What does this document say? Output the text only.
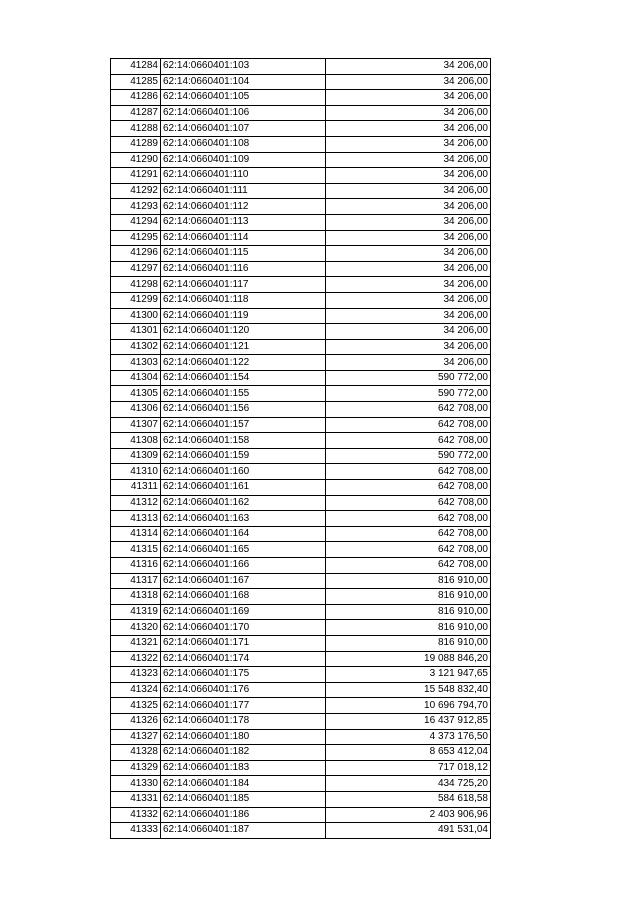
41284	62:14:0660401:103	34 206,00
41285	62:14:0660401:104	34 206,00
41286	62:14:0660401:105	34 206,00
41287	62:14:0660401:106	34 206,00
41288	62:14:0660401:107	34 206,00
41289	62:14:0660401:108	34 206,00
41290	62:14:0660401:109	34 206,00
41291	62:14:0660401:110	34 206,00
41292	62:14:0660401:111	34 206,00
41293	62:14:0660401:112	34 206,00
41294	62:14:0660401:113	34 206,00
41295	62:14:0660401:114	34 206,00
41296	62:14:0660401:115	34 206,00
41297	62:14:0660401:116	34 206,00
41298	62:14:0660401:117	34 206,00
41299	62:14:0660401:118	34 206,00
41300	62:14:0660401:119	34 206,00
41301	62:14:0660401:120	34 206,00
41302	62:14:0660401:121	34 206,00
41303	62:14:0660401:122	34 206,00
41304	62:14:0660401:154	590 772,00
41305	62:14:0660401:155	590 772,00
41306	62:14:0660401:156	642 708,00
41307	62:14:0660401:157	642 708,00
41308	62:14:0660401:158	642 708,00
41309	62:14:0660401:159	590 772,00
41310	62:14:0660401:160	642 708,00
41311	62:14:0660401:161	642 708,00
41312	62:14:0660401:162	642 708,00
41313	62:14:0660401:163	642 708,00
41314	62:14:0660401:164	642 708,00
41315	62:14:0660401:165	642 708,00
41316	62:14:0660401:166	642 708,00
41317	62:14:0660401:167	816 910,00
41318	62:14:0660401:168	816 910,00
41319	62:14:0660401:169	816 910,00
41320	62:14:0660401:170	816 910,00
41321	62:14:0660401:171	816 910,00
41322	62:14:0660401:174	19 088 846,20
41323	62:14:0660401:175	3 121 947,65
41324	62:14:0660401:176	15 548 832,40
41325	62:14:0660401:177	10 696 794,70
41326	62:14:0660401:178	16 437 912,85
41327	62:14:0660401:180	4 373 176,50
41328	62:14:0660401:182	8 653 412,04
41329	62:14:0660401:183	717 018,12
41330	62:14:0660401:184	434 725,20
41331	62:14:0660401:185	584 618,58
41332	62:14:0660401:186	2 403 906,96
41333	62:14:0660401:187	491 531,04
